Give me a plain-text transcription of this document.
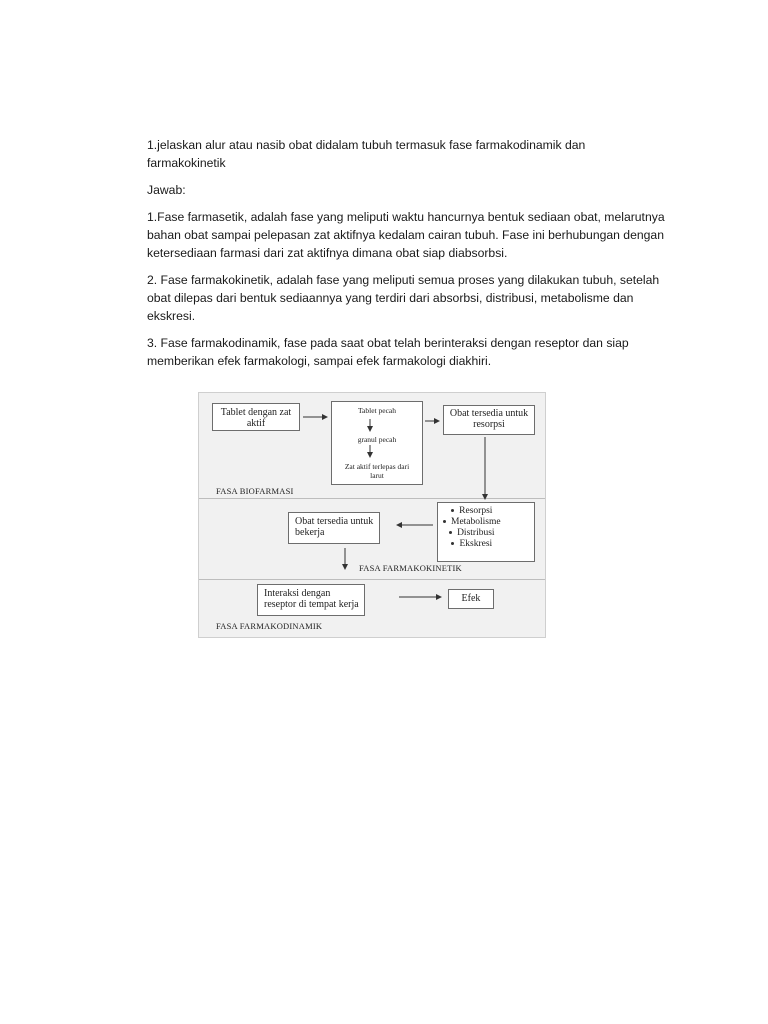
1.jelaskan alur atau nasib obat didalam tubuh termasuk fase farmakodinamik dan farmakokinetik

Jawab:

1.Fase farmasetik, adalah fase yang meliputi waktu hancurnya bentuk sediaan obat, melarutnya bahan obat sampai pelepasan zat aktifnya kedalam cairan tubuh. Fase ini berhubungan dengan ketersediaan farmasi dari zat aktifnya dimana obat siap diabsorbsi.

2. Fase farmakokinetik, adalah fase yang meliputi semua proses yang dilakukan tubuh, setelah obat dilepas dari bentuk sediaannya yang terdiri dari absorbsi, distribusi, metabolisme dan ekskresi.

3. Fase farmakodinamik, fase pada saat obat telah berinteraksi dengan reseptor dan siap memberikan efek farmakologi, sampai efek farmakologi diakhiri.

Tablet dengan zat aktif
Tablet pecah
granul pecah
Zat aktif terlepas dari larut
Obat tersedia untuk resorpsi
FASA BIOFARMASI
Obat tersedia untuk bekerja
Resorpsi
Metabolisme
Distribusi
Ekskresi
FASA FARMAKOKINETIK
Interaksi dengan reseptor di tempat kerja
Efek
FASA FARMAKODINAMIK
